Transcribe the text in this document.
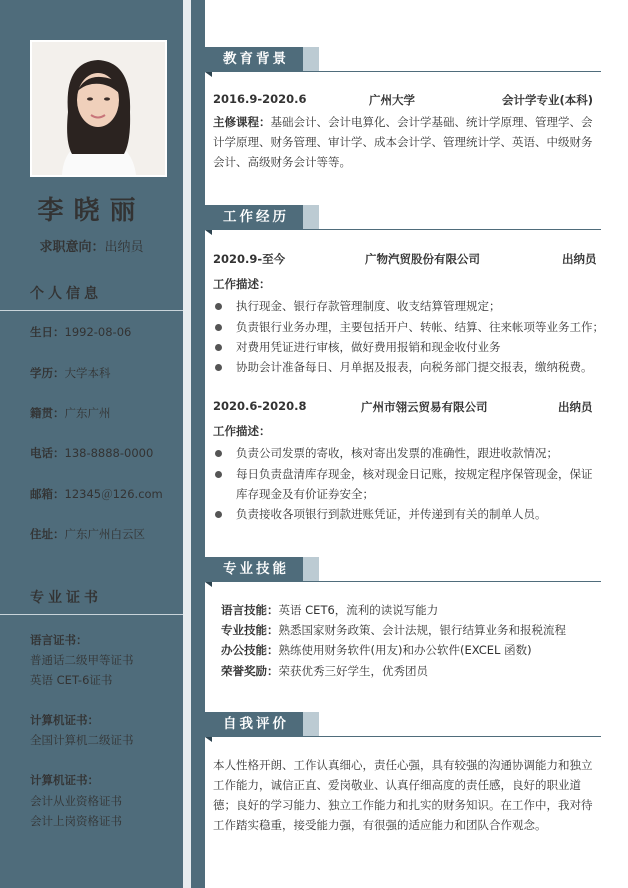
李晓丽
求职意向：出纳员
个人信息
生日：1992-08-06
学历：大学本科
籍贯：广东广州
电话：138-8888-0000
邮箱：12345＠126.com
住址：广东广州白云区
专业证书
语言证书：
普通话二级甲等证书
英语 CET-6证书
计算机证书：
全国计算机二级证书
计算机证书：
会计从业资格证书
会计上岗资格证书
教育背景
2016.9-2020.6	广州大学	会计学专业(本科)
主修课程：基础会计、会计电算化、会计学基础、统计学原理、管理学、会计学原理、财务管理、审计学、成本会计学、管理统计学、英语、中级财务会计、高级财务会计等等。
工作经历
2020.9-至今	广物汽贸股份有限公司	出纳员
工作描述：
执行现金、银行存款管理制度、收支结算管理规定；
负责银行业务办理，主要包括开户、转帐、结算、往来帐项等业务工作；
对费用凭证进行审核，做好费用报销和现金收付业务
协助会计准备每日、月单据及报表，向税务部门提交报表，缴纳税费。
2020.6-2020.8	广州市翎云贸易有限公司	出纳员
工作描述：
负责公司发票的寄收，核对寄出发票的准确性，跟进收款情况；
每日负责盘清库存现金，核对现金日记账，按规定程序保管现金，保证库存现金及有价证券安全；
负责接收各项银行到款进账凭证，并传递到有关的制单人员。
专业技能
语言技能：英语 CET6，流利的读说写能力
专业技能：熟悉国家财务政策、会计法规，银行结算业务和报税流程
办公技能：熟练使用财务软件(用友)和办公软件(EXCEL 函数)
荣誉奖励：荣获优秀三好学生，优秀团员
自我评价
本人性格开朗、工作认真细心，责任心强，具有较强的沟通协调能力和独立工作能力，诚信正直、爱岗敬业、认真仔细高度的责任感，良好的职业道德；良好的学习能力、独立工作能力和扎实的财务知识。在工作中，我对待工作踏实稳重，接受能力强，有很强的适应能力和团队合作观念。
